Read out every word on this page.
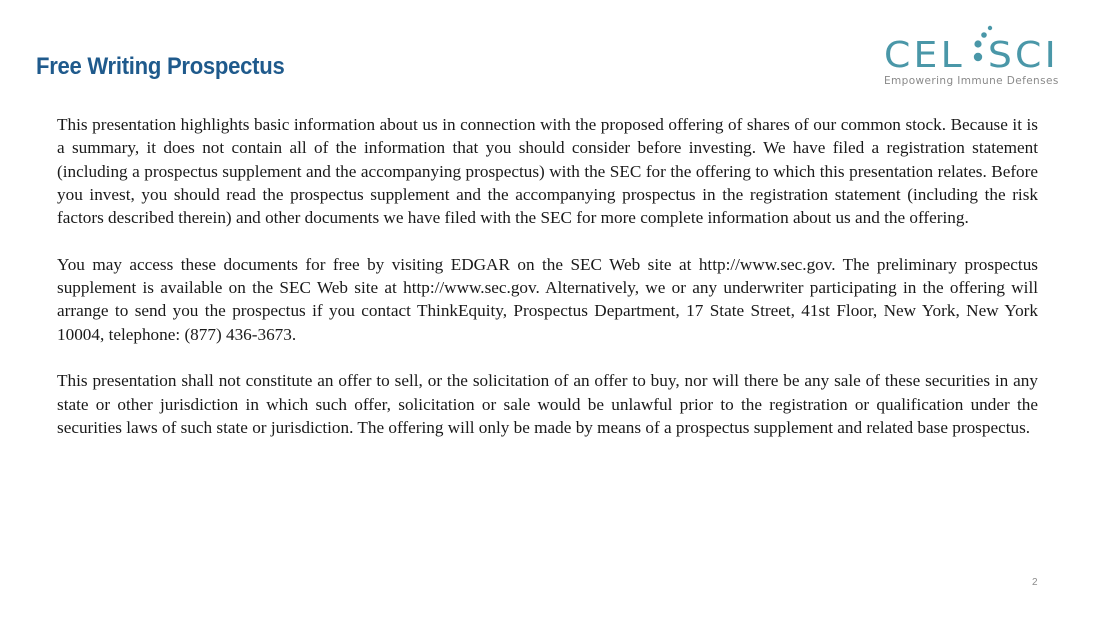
Free Writing Prospectus	CEL SCI
Empowering Immune Defenses

This presentation highlights basic information about us in connection with the proposed offering of shares of our common stock. Because it is a summary, it does not contain all of the information that you should consider before investing. We have filed a registration statement (including a prospectus supplement and the accompanying prospectus) with the SEC for the offering to which this presentation relates. Before you invest, you should read the prospectus supplement and the accompanying prospectus in the registration statement (including the risk factors described therein) and other documents we have filed with the SEC for more complete information about us and the offering.

You may access these documents for free by visiting EDGAR on the SEC Web site at http://www.sec.gov. The preliminary prospectus supplement is available on the SEC Web site at http://www.sec.gov. Alternatively, we or any underwriter participating in the offering will arrange to send you the prospectus if you contact ThinkEquity, Prospectus Department, 17 State Street, 41st Floor, New York, New York 10004, telephone: (877) 436-3673.

This presentation shall not constitute an offer to sell, or the solicitation of an offer to buy, nor will there be any sale of these securities in any state or other jurisdiction in which such offer, solicitation or sale would be unlawful prior to the registration or qualification under the securities laws of such state or jurisdiction. The offering will only be made by means of a prospectus supplement and related base prospectus.

2
